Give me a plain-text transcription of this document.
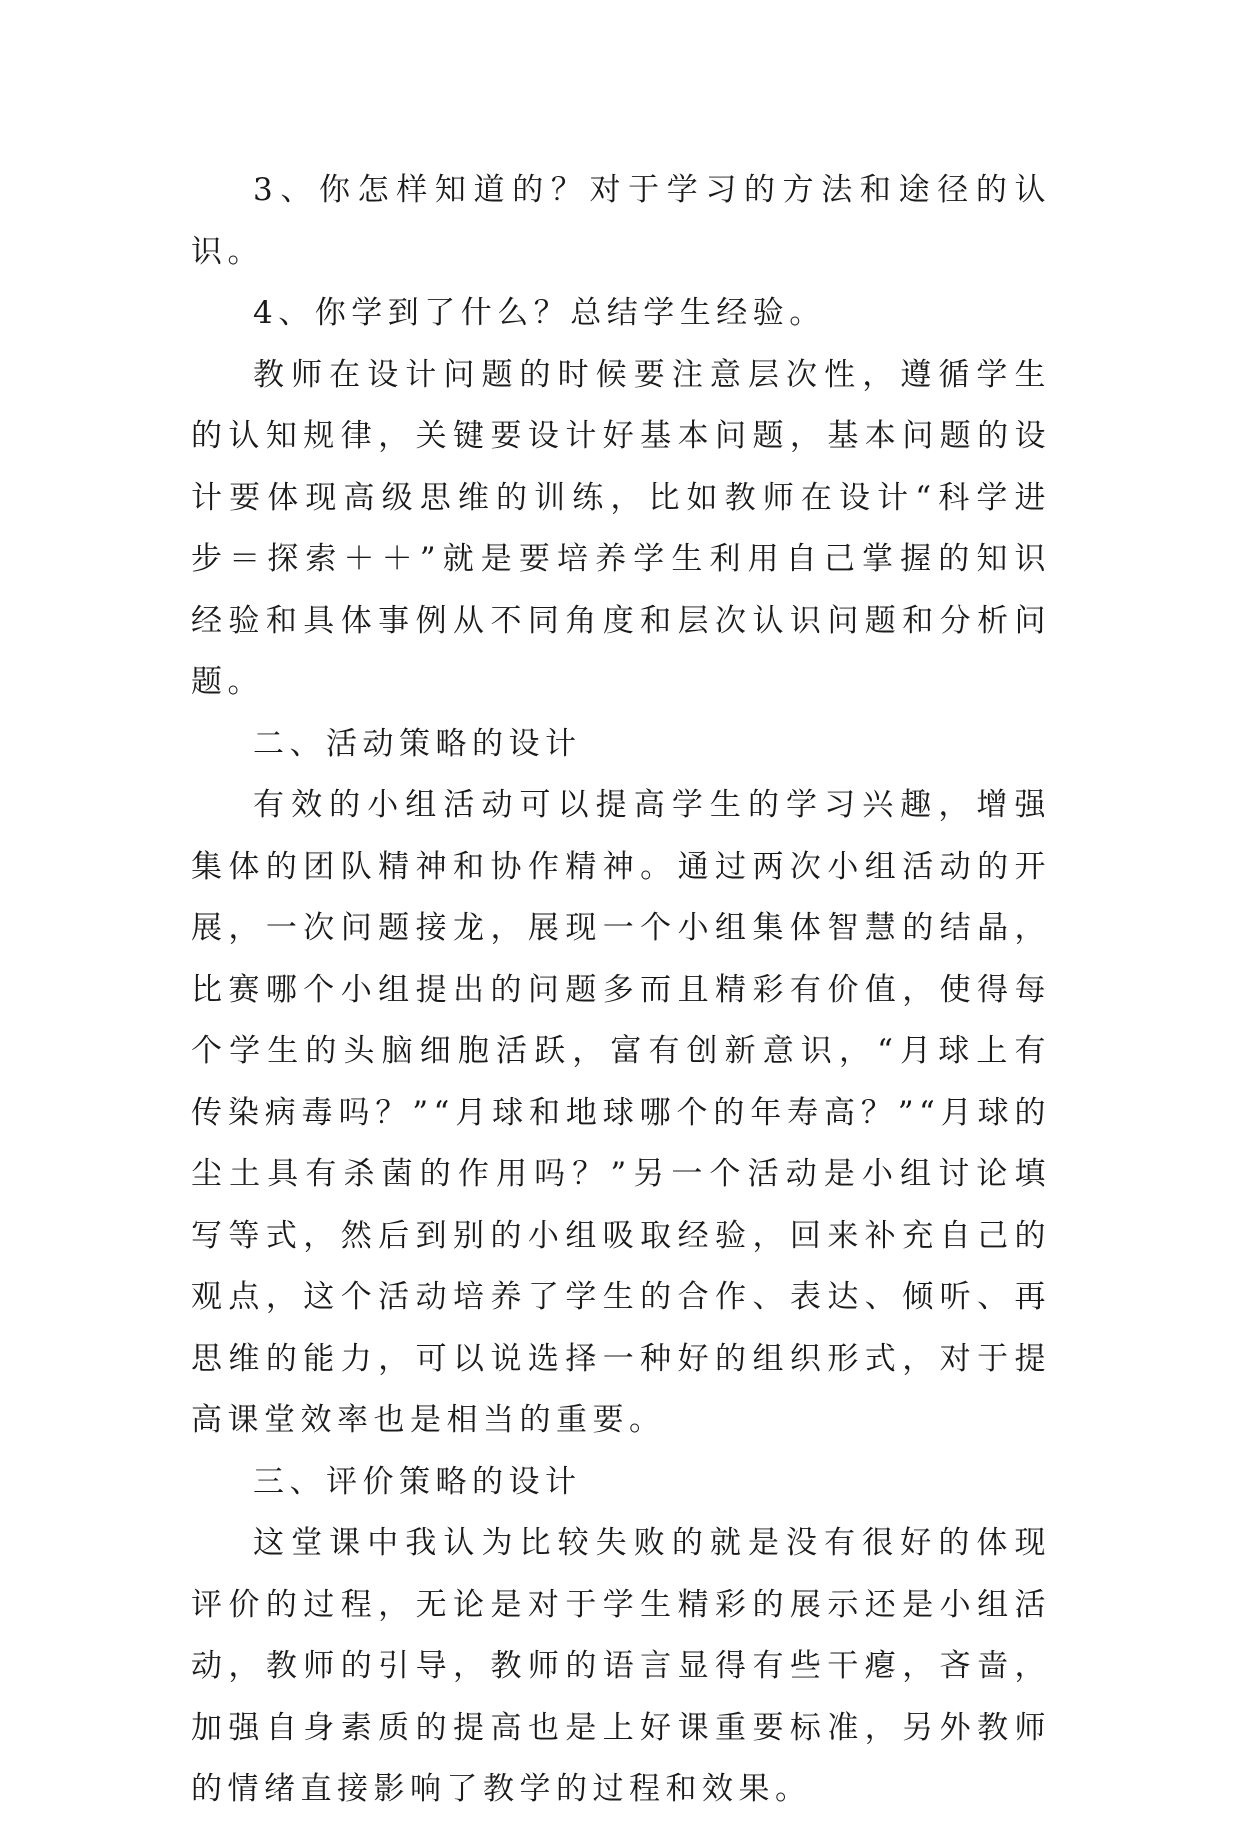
3、你怎样知道的？对于学习的方法和途径的认识。

4、你学到了什么？总结学生经验。

教师在设计问题的时候要注意层次性，遵循学生的认知规律，关键要设计好基本问题，基本问题的设计要体现高级思维的训练，比如教师在设计“科学进步＝探索＋＋”就是要培养学生利用自己掌握的知识经验和具体事例从不同角度和层次认识问题和分析问题。

二、活动策略的设计

有效的小组活动可以提高学生的学习兴趣，增强集体的团队精神和协作精神。通过两次小组活动的开展，一次问题接龙，展现一个小组集体智慧的结晶，比赛哪个小组提出的问题多而且精彩有价值，使得每个学生的头脑细胞活跃，富有创新意识，“月球上有传染病毒吗？”“月球和地球哪个的年寿高？”“月球的尘土具有杀菌的作用吗？”另一个活动是小组讨论填写等式，然后到别的小组吸取经验，回来补充自己的观点，这个活动培养了学生的合作、表达、倾听、再思维的能力，可以说选择一种好的组织形式，对于提高课堂效率也是相当的重要。

三、评价策略的设计

这堂课中我认为比较失败的就是没有很好的体现评价的过程，无论是对于学生精彩的展示还是小组活动，教师的引导，教师的语言显得有些干瘪，吝啬，加强自身素质的提高也是上好课重要标准，另外教师的情绪直接影响了教学的过程和效果。
